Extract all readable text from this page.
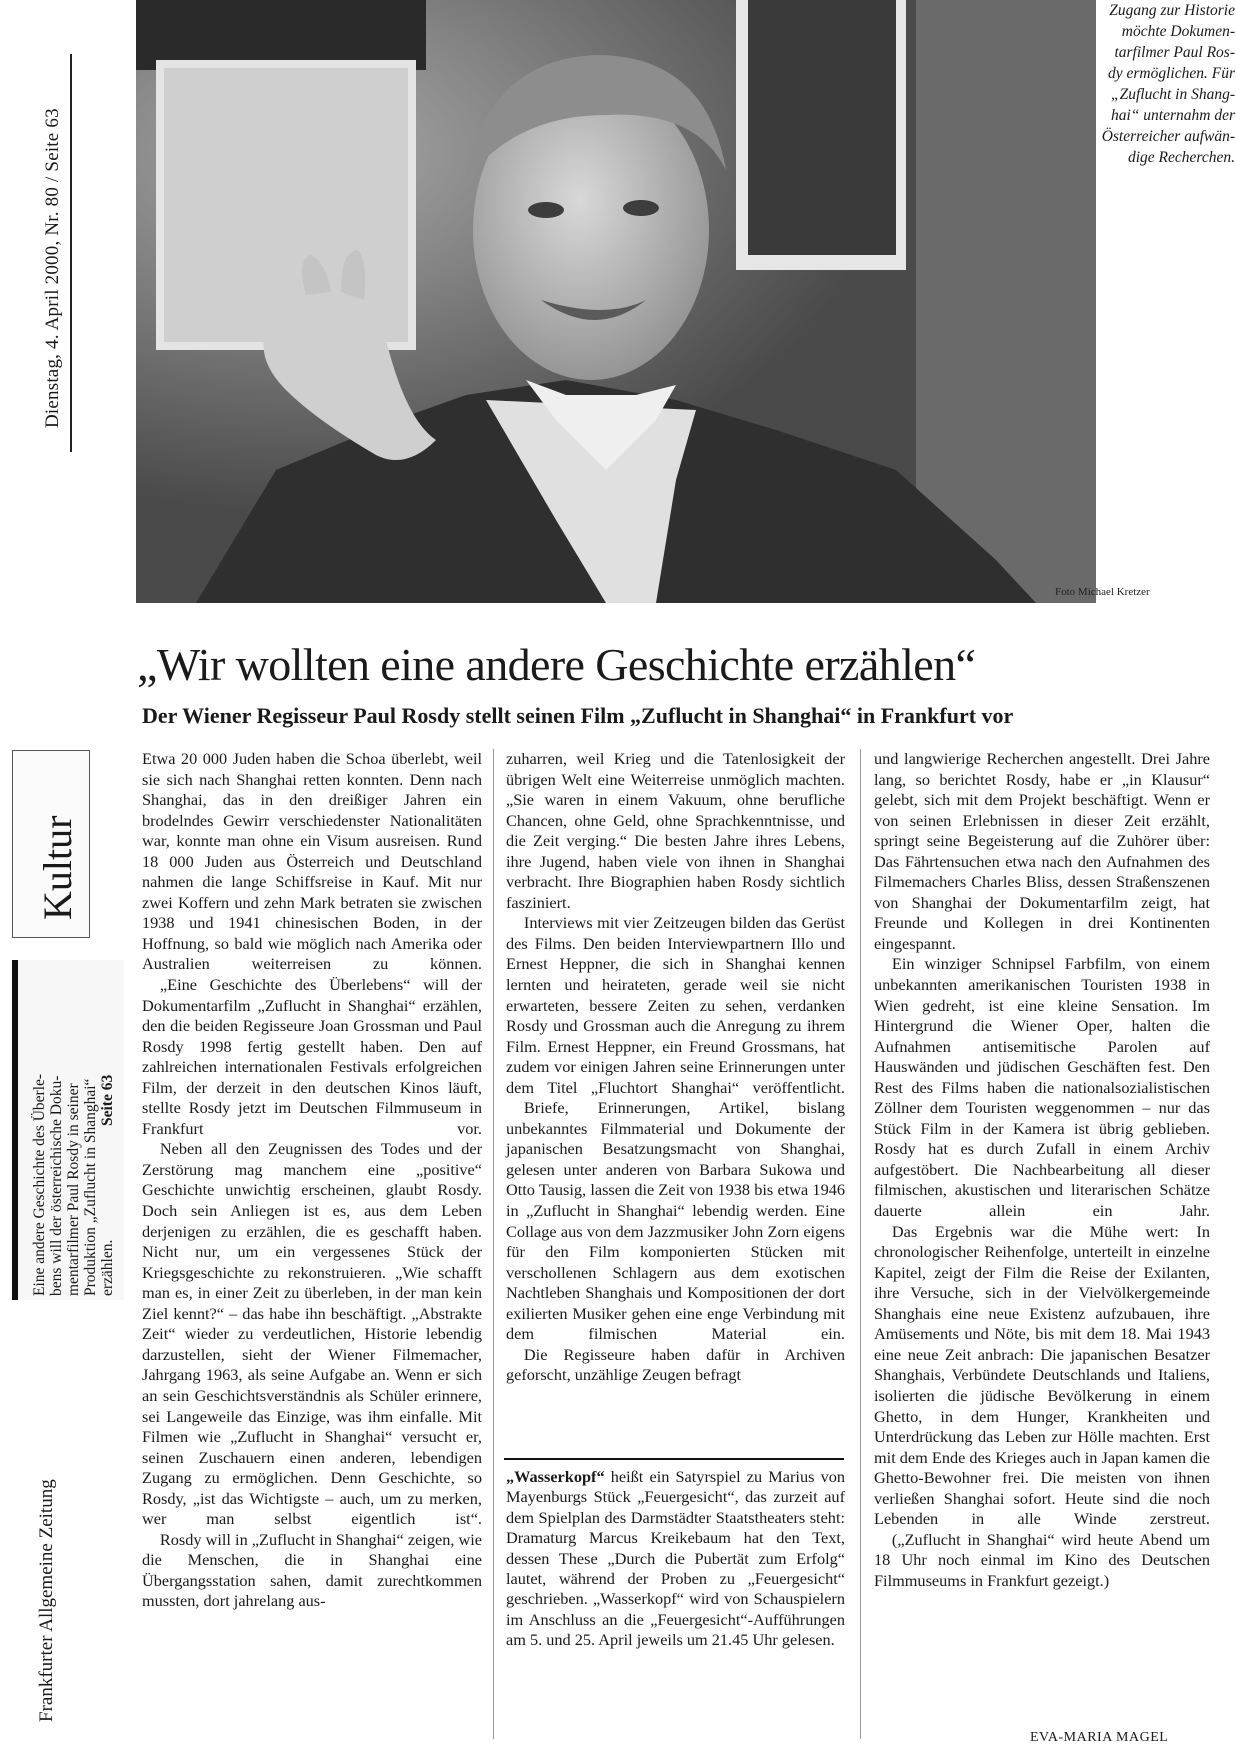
Dienstag, 4. April 2000, Nr. 80 / Seite 63
Kultur
Eine andere Geschichte des Überle- bens will der österreichische Doku- mentarfilmer Paul Rosdy in seiner Produktion „Zuflucht in Shanghai“ erzählen.
Seite 63
Frankfurter Allgemeine Zeitung
Zugang zur Historie
möchte Dokumen-
tarfilmer Paul Ros-
dy ermöglichen. Für
„Zuflucht in Shang-
hai“ unternahm der
Österreicher aufwän-
dige Recherchen.
Foto Michael Kretzer
„Wir wollten eine andere Geschichte erzählen“
Der Wiener Regisseur Paul Rosdy stellt seinen Film „Zuflucht in Shanghai“ in Frankfurt vor

Etwa 20 000 Juden haben die Schoa überlebt, weil sie sich nach Shanghai retten konnten. Denn nach Shanghai, das in den dreißiger Jahren ein brodelndes Gewirr verschiedenster Nationalitäten war, konnte man ohne ein Visum ausreisen. Rund 18 000 Juden aus Österreich und Deutschland nahmen die lange Schiffsreise in Kauf. Mit nur zwei Koffern und zehn Mark betraten sie zwischen 1938 und 1941 chinesischen Boden, in der Hoffnung, so bald wie möglich nach Amerika oder Australien weiterreisen zu können.

„Eine Geschichte des Überlebens“ will der Dokumentarfilm „Zuflucht in Shanghai“ erzählen, den die beiden Regisseure Joan Grossman und Paul Rosdy 1998 fertig gestellt haben. Den auf zahlreichen internationalen Festivals erfolgreichen Film, der derzeit in den deutschen Kinos läuft, stellte Rosdy jetzt im Deutschen Filmmuseum in Frankfurt vor.

Neben all den Zeugnissen des Todes und der Zerstörung mag manchem eine „positive“ Geschichte unwichtig erscheinen, glaubt Rosdy. Doch sein Anliegen ist es, aus dem Leben derjenigen zu erzählen, die es geschafft haben. Nicht nur, um ein vergessenes Stück der Kriegsgeschichte zu rekonstruieren. „Wie schafft man es, in einer Zeit zu überleben, in der man kein Ziel kennt?“ – das habe ihn beschäftigt. „Abstrakte Zeit“ wieder zu verdeutlichen, Historie lebendig darzustellen, sieht der Wiener Filmemacher, Jahrgang 1963, als seine Aufgabe an. Wenn er sich an sein Geschichtsverständnis als Schüler erinnere, sei Langeweile das Einzige, was ihm einfalle. Mit Filmen wie „Zuflucht in Shanghai“ versucht er, seinen Zuschauern einen anderen, lebendigen Zugang zu ermöglichen. Denn Geschichte, so Rosdy, „ist das Wichtigste – auch, um zu merken, wer man selbst eigentlich ist“.

Rosdy will in „Zuflucht in Shanghai“ zeigen, wie die Menschen, die in Shanghai eine Übergangsstation sahen, damit zurechtkommen mussten, dort jahrelang aus-

zuharren, weil Krieg und die Tatenlosigkeit der übrigen Welt eine Weiterreise unmöglich machten. „Sie waren in einem Vakuum, ohne berufliche Chancen, ohne Geld, ohne Sprachkenntnisse, und die Zeit verging.“ Die besten Jahre ihres Lebens, ihre Jugend, haben viele von ihnen in Shanghai verbracht. Ihre Biographien haben Rosdy sichtlich fasziniert.

Interviews mit vier Zeitzeugen bilden das Gerüst des Films. Den beiden Interviewpartnern Illo und Ernest Heppner, die sich in Shanghai kennen lernten und heirateten, gerade weil sie nicht erwarteten, bessere Zeiten zu sehen, verdanken Rosdy und Grossman auch die Anregung zu ihrem Film. Ernest Heppner, ein Freund Grossmans, hat zudem vor einigen Jahren seine Erinnerungen unter dem Titel „Fluchtort Shanghai“ veröffentlicht.

Briefe, Erinnerungen, Artikel, bislang unbekanntes Filmmaterial und Dokumente der japanischen Besatzungsmacht von Shanghai, gelesen unter anderen von Barbara Sukowa und Otto Tausig, lassen die Zeit von 1938 bis etwa 1946 in „Zuflucht in Shanghai“ lebendig werden. Eine Collage aus von dem Jazzmusiker John Zorn eigens für den Film komponierten Stücken mit verschollenen Schlagern aus dem exotischen Nachtleben Shanghais und Kompositionen der dort exilierten Musiker gehen eine enge Verbindung mit dem filmischen Material ein.

Die Regisseure haben dafür in Archiven geforscht, unzählige Zeugen befragt

und langwierige Recherchen angestellt. Drei Jahre lang, so berichtet Rosdy, habe er „in Klausur“ gelebt, sich mit dem Projekt beschäftigt. Wenn er von seinen Erlebnissen in dieser Zeit erzählt, springt seine Begeisterung auf die Zuhörer über: Das Fährtensuchen etwa nach den Aufnahmen des Filmemachers Charles Bliss, dessen Straßenszenen von Shanghai der Dokumentarfilm zeigt, hat Freunde und Kollegen in drei Kontinenten eingespannt.

Ein winziger Schnipsel Farbfilm, von einem unbekannten amerikanischen Touristen 1938 in Wien gedreht, ist eine kleine Sensation. Im Hintergrund die Wiener Oper, halten die Aufnahmen antisemitische Parolen auf Hauswänden und jüdischen Geschäften fest. Den Rest des Films haben die nationalsozialistischen Zöllner dem Touristen weggenommen – nur das Stück Film in der Kamera ist übrig geblieben. Rosdy hat es durch Zufall in einem Archiv aufgestöbert. Die Nachbearbeitung all dieser filmischen, akustischen und literarischen Schätze dauerte allein ein Jahr.

Das Ergebnis war die Mühe wert: In chronologischer Reihenfolge, unterteilt in einzelne Kapitel, zeigt der Film die Reise der Exilanten, ihre Versuche, sich in der Vielvölkergemeinde Shanghais eine neue Existenz aufzubauen, ihre Amüsements und Nöte, bis mit dem 18. Mai 1943 eine neue Zeit anbrach: Die japanischen Besatzer Shanghais, Verbündete Deutschlands und Italiens, isolierten die jüdische Bevölkerung in einem Ghetto, in dem Hunger, Krankheiten und Unterdrückung das Leben zur Hölle machten. Erst mit dem Ende des Krieges auch in Japan kamen die Ghetto-Bewohner frei. Die meisten von ihnen verließen Shanghai sofort. Heute sind die noch Lebenden in alle Winde zerstreut.

(„Zuflucht in Shanghai“ wird heute Abend um 18 Uhr noch einmal im Kino des Deutschen Filmmuseums in Frankfurt gezeigt.)

„Wasserkopf“ heißt ein Satyrspiel zu Marius von Mayenburgs Stück „Feuergesicht“, das zurzeit auf dem Spielplan des Darmstädter Staatstheaters steht: Dramaturg Marcus Kreikebaum hat den Text, dessen These „Durch die Pubertät zum Erfolg“ lautet, während der Proben zu „Feuergesicht“ geschrieben. „Wasserkopf“ wird von Schauspielern im Anschluss an die „Feuergesicht“-Aufführungen am 5. und 25. April jeweils um 21.45 Uhr gelesen.

EVA-MARIA MAGEL
